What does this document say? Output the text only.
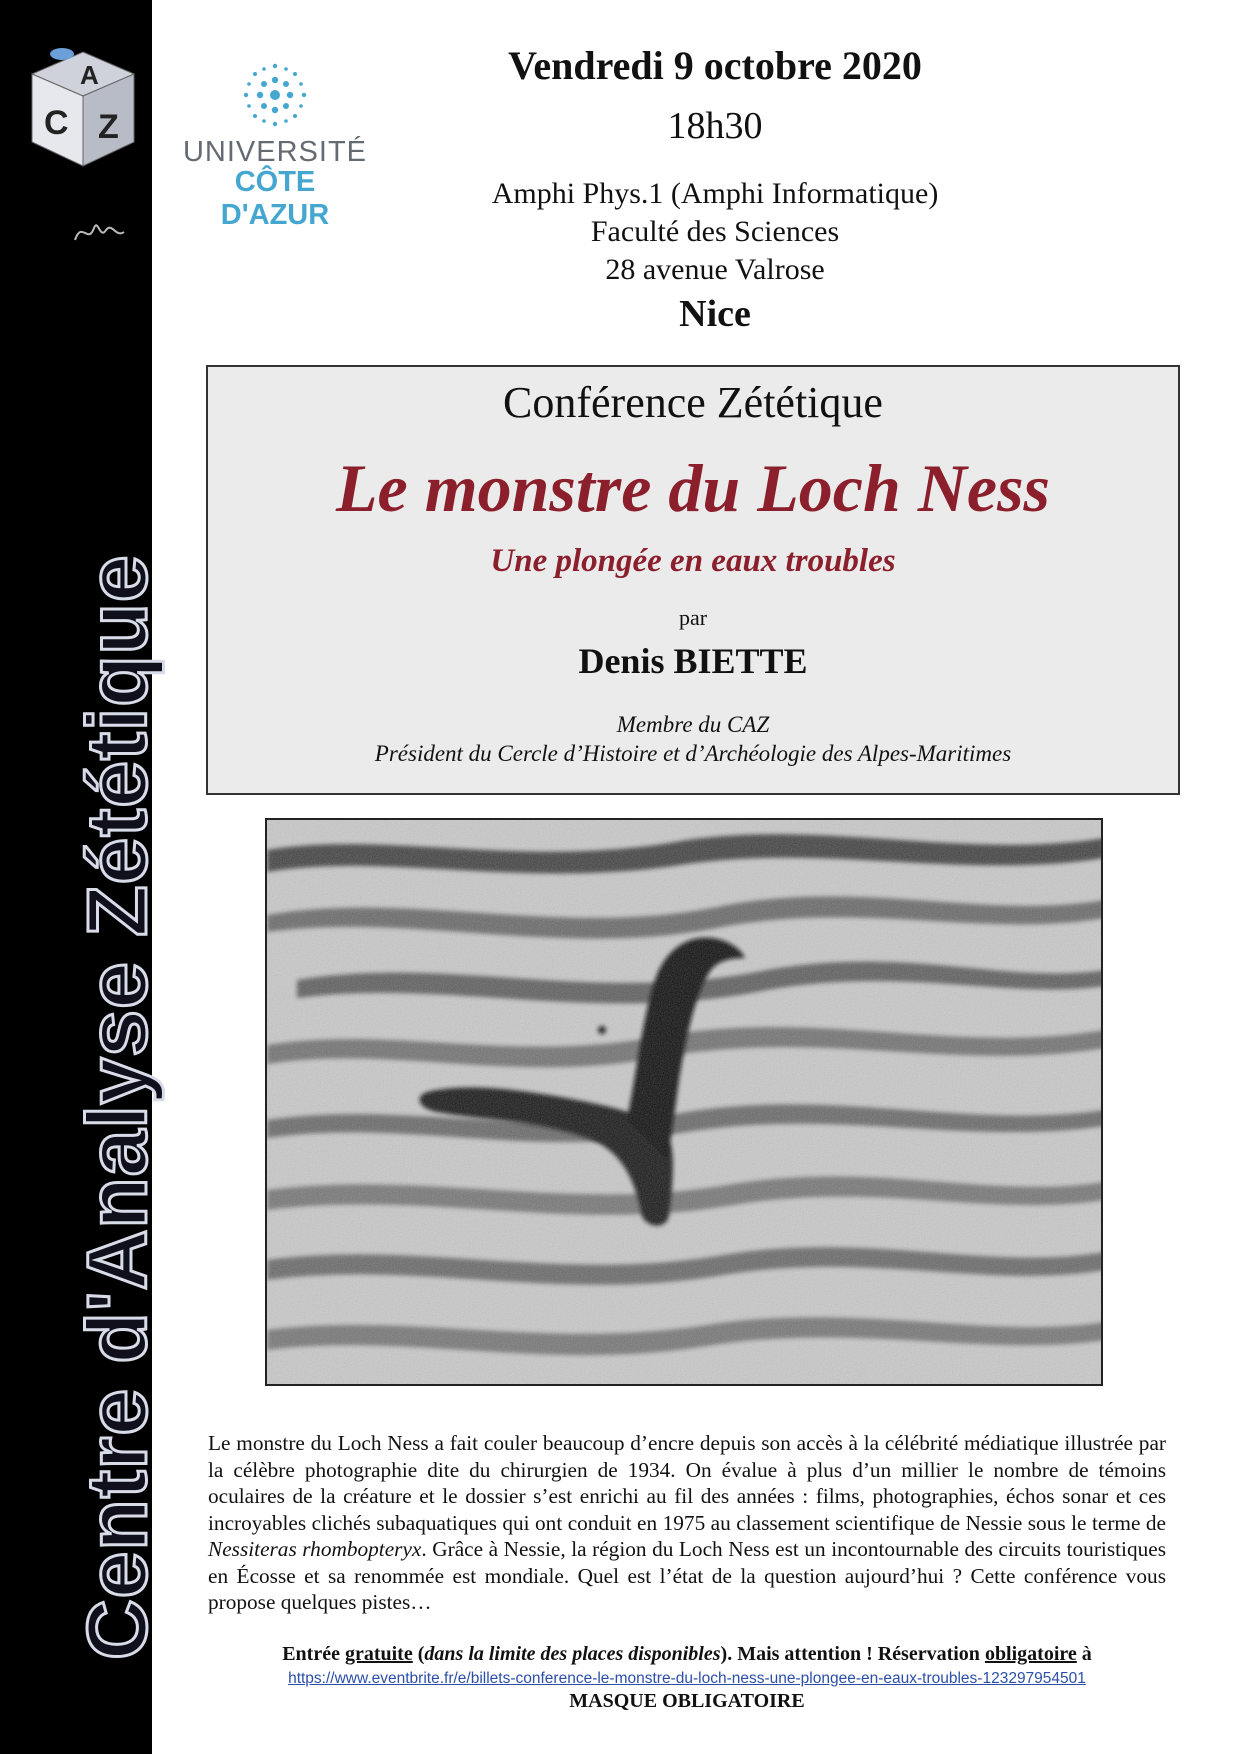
A
C Z
Centre d'Analyse Zététique
UNIVERSITÉ
CÔTE D'AZUR
Vendredi 9 octobre 2020
18h30
Amphi Phys.1 (Amphi Informatique)
Faculté des Sciences
28 avenue Valrose
Nice
Conférence Zététique
Le monstre du Loch Ness
Une plongée en eaux troubles
par
Denis BIETTE
Membre du CAZ
Président du Cercle d’Histoire et d’Archéologie des Alpes-Maritimes
Le monstre du Loch Ness a fait couler beaucoup d’encre depuis son accès à la célébrité médiatique illustrée par la célèbre photographie dite du chirurgien de 1934. On évalue à plus d’un millier le nombre de témoins oculaires de la créature et le dossier s’est enrichi au fil des années : films, photographies, échos sonar et ces incroyables clichés subaquatiques qui ont conduit en 1975 au classement scientifique de Nessie sous le terme de Nessiteras rhombopteryx. Grâce à Nessie, la région du Loch Ness est un incontournable des circuits touristiques en Écosse et sa renommée est mondiale. Quel est l’état de la question aujourd’hui ? Cette conférence vous propose quelques pistes…
Entrée gratuite (dans la limite des places disponibles). Mais attention ! Réservation obligatoire à
https://www.eventbrite.fr/e/billets-conference-le-monstre-du-loch-ness-une-plongee-en-eaux-troubles-123297954501
MASQUE OBLIGATOIRE
